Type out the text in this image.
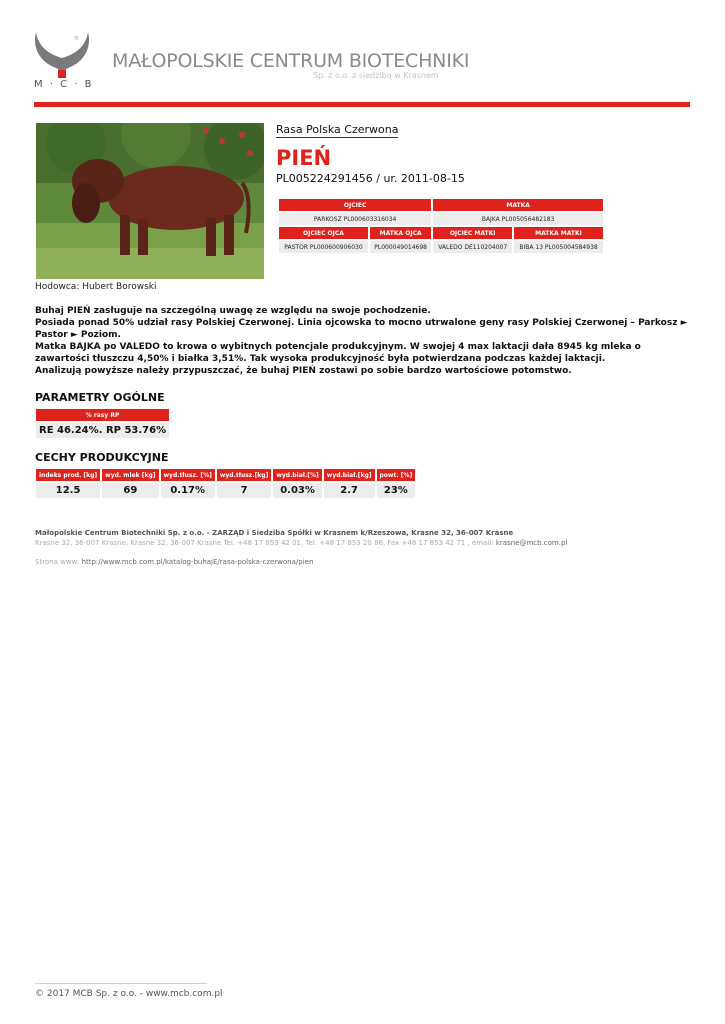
®
M · C · B
MAŁOPOLSKIE CENTRUM BIOTECHNIKI
Sp. z o.o. z siedzibą w Krasnem
Hodowca: Hubert Borowski
Rasa Polska Czerwona
PIEŃ
PL005224291456 / ur. 2011-08-15
OJCIEC		MATKA	
PARKOSZ PL000603316034		BAJKA PL005056482183	
OJCIEC OJCA	MATKA OJCA	OJCIEC MATKI	MATKA MATKI
PASTOR PL000600906030	PL000049014698	VALEDO DE110204007	BIBA 13 PL005004584938

Buhaj PIEŃ zasługuje na szczególną uwagę ze względu na swoje pochodzenie.

Posiada ponad 50% udział rasy Polskiej Czerwonej. Linia ojcowska to mocno utrwalone geny rasy Polskiej Czerwonej – Parkosz ► Pastor ► Poziom.

Matka BAJKA po VALEDO to krowa o wybitnych potencjale produkcyjnym. W swojej 4 max laktacji dała 8945 kg mleka o zawartości tłuszczu 4,50% i białka 3,51%. Tak wysoka produkcyjność była potwierdzana podczas każdej laktacji.

Analizują powyższe należy przypuszczać, że buhaj PIEŃ zostawi po sobie bardzo wartościowe potomstwo.

PARAMETRY OGÓLNE
% rasy RP
RE 46.24%. RP 53.76%
CECHY PRODUKCYJNE
indeks prod. [kg]	wyd. mlek [kg]	wyd.tłusz. [%]	wyd.tłusz.[kg]	wyd.biał.[%]	wyd.biał.[kg]	powt. [%]
12.5	69	0.17%	7	0.03%	2.7	23%
Małopolskie Centrum Biotechniki Sp. z o.o. - ZARZĄD i Siedziba Spółki w Krasnem k/Rzeszowa, Krasne 32, 36-007 Krasne
Krasne 32, 36-007 Krasne, Krasne 32, 36-007 Krasne Tel. +48 17 853 42 01, Tel. +48 17 853 20 88, Fax +48 17 853 42 71 , email: krasne@mcb.com.pl
Strona www: http://www.mcb.com.pl/katalog-buhajE/rasa-polska-czerwona/pien
© 2017 MCB Sp. z o.o. - www.mcb.com.pl
